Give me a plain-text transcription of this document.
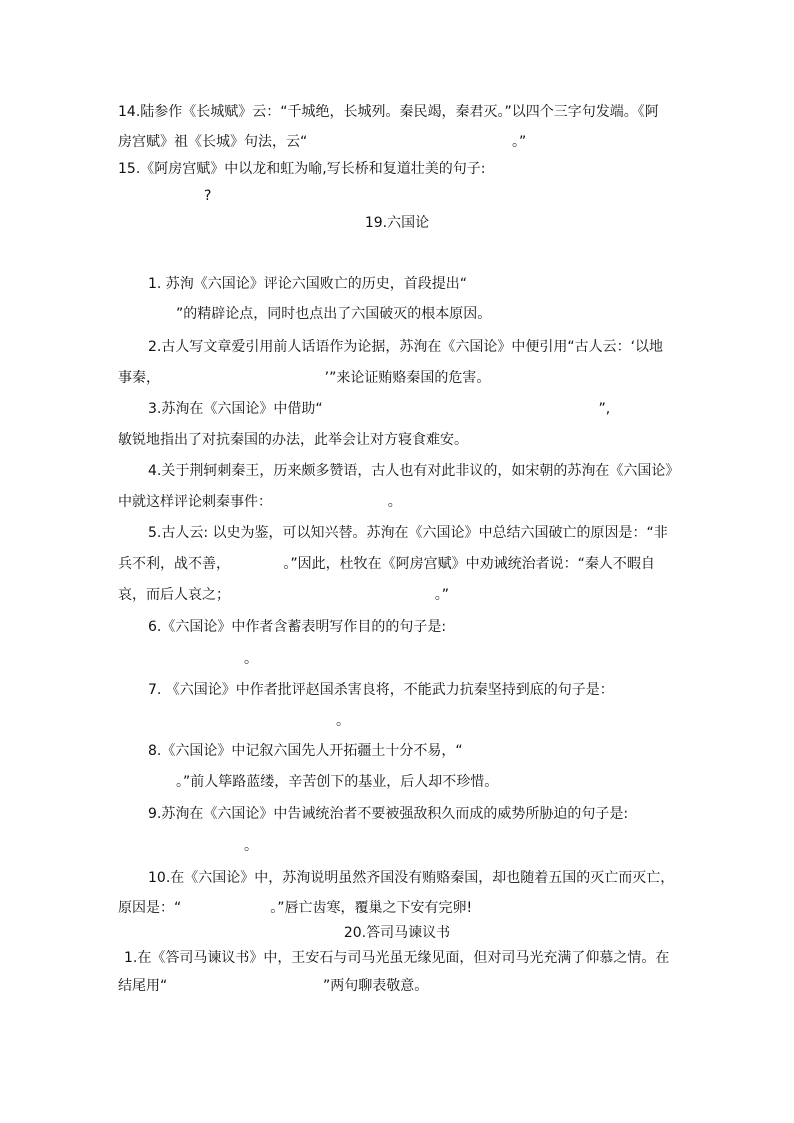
14.陆参作《长城赋》云：“千城绝，长城列。秦民竭，秦君灭。”以四个三字句发端。《阿
房宫赋》祖《长城》句法，云“                                              。”
15.《阿房宫赋》中以龙和虹为喻,写长桥和复道壮美的句子:
?
19.六国论
1. 苏洵《六国论》评论六国败亡的历史，首段提出“
”的精辟论点，同时也点出了六国破灭的根本原因。
2.古人写文章爱引用前人话语作为论据，苏洵在《六国论》中便引用“古人云：‘以地
事秦，                                     ’”来论证贿赂秦国的危害。
3.苏洵在《六国论》中借助“                                                              ”,
敏锐地指出了对抗秦国的办法，此举会让对方寝食难安。
4.关于荆轲刺秦王，历来颇多赞语，古人也有对此非议的，如宋朝的苏洵在《六国论》
中就这样评论刺秦事件：                          。
5.古人云: 以史为鉴，可以知兴替。苏洵在《六国论》中总结六国破亡的原因是：“非
兵不利，战不善，            。”因此，杜牧在《阿房宫赋》中劝诫统治者说：“秦人不暇自
哀，而后人哀之；                                              。”
6.《六国论》中作者含蓄表明写作目的的句子是:
。
7. 《六国论》中作者批评赵国杀害良将，不能武力抗秦坚持到底的句子是：
。
8.《六国论》中记叙六国先人开拓疆土十分不易，“
。”前人筚路蓝缕，辛苦创下的基业，后人却不珍惜。
9.苏洵在《六国论》中告诫统治者不要被强敌积久而成的威势所胁迫的句子是:
。
10.在《六国论》中，苏洵说明虽然齐国没有贿赂秦国，却也随着五国的灭亡而灭亡，
原因是：“                    。”唇亡齿寒，覆巢之下安有完卵!
20.答司马谏议书
1.在《答司马谏议书》中，王安石与司马光虽无缘见面，但对司马光充满了仰慕之情。在
结尾用“                                   ”两句聊表敬意。
